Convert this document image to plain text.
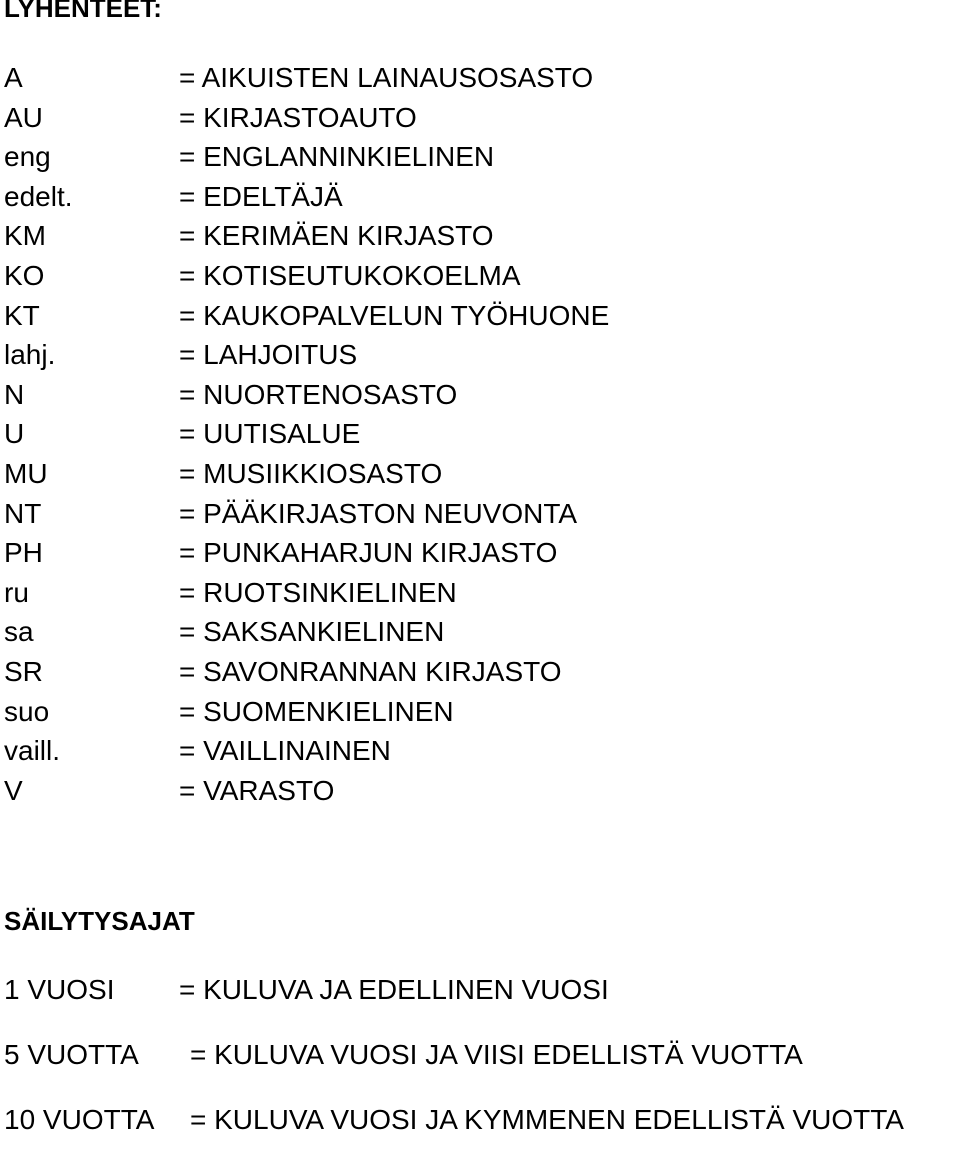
LYHENTEET:
A	= AIKUISTEN LAINAUSOSASTO
AU	= KIRJASTOAUTO
eng	= ENGLANNINKIELINEN
edelt.	= EDELTÄJÄ
KM	= KERIMÄEN KIRJASTO
KO	= KOTISEUTUKOKOELMA
KT	= KAUKOPALVELUN TYÖHUONE
lahj.	= LAHJOITUS
N	= NUORTENOSASTO
U	= UUTISALUE
MU	= MUSIIKKIOSASTO
NT	= PÄÄKIRJASTON NEUVONTA
PH	= PUNKAHARJUN KIRJASTO
ru	= RUOTSINKIELINEN
sa	= SAKSANKIELINEN
SR	= SAVONRANNAN KIRJASTO
suo	= SUOMENKIELINEN
vaill.	= VAILLINAINEN
V	= VARASTO
SÄILYTYSAJAT
1 VUOSI = KULUVA JA EDELLINEN VUOSI
5 VUOTTA = KULUVA VUOSI JA VIISI EDELLISTÄ VUOTTA
10 VUOTTA = KULUVA VUOSI JA KYMMENEN EDELLISTÄ VUOTTA
